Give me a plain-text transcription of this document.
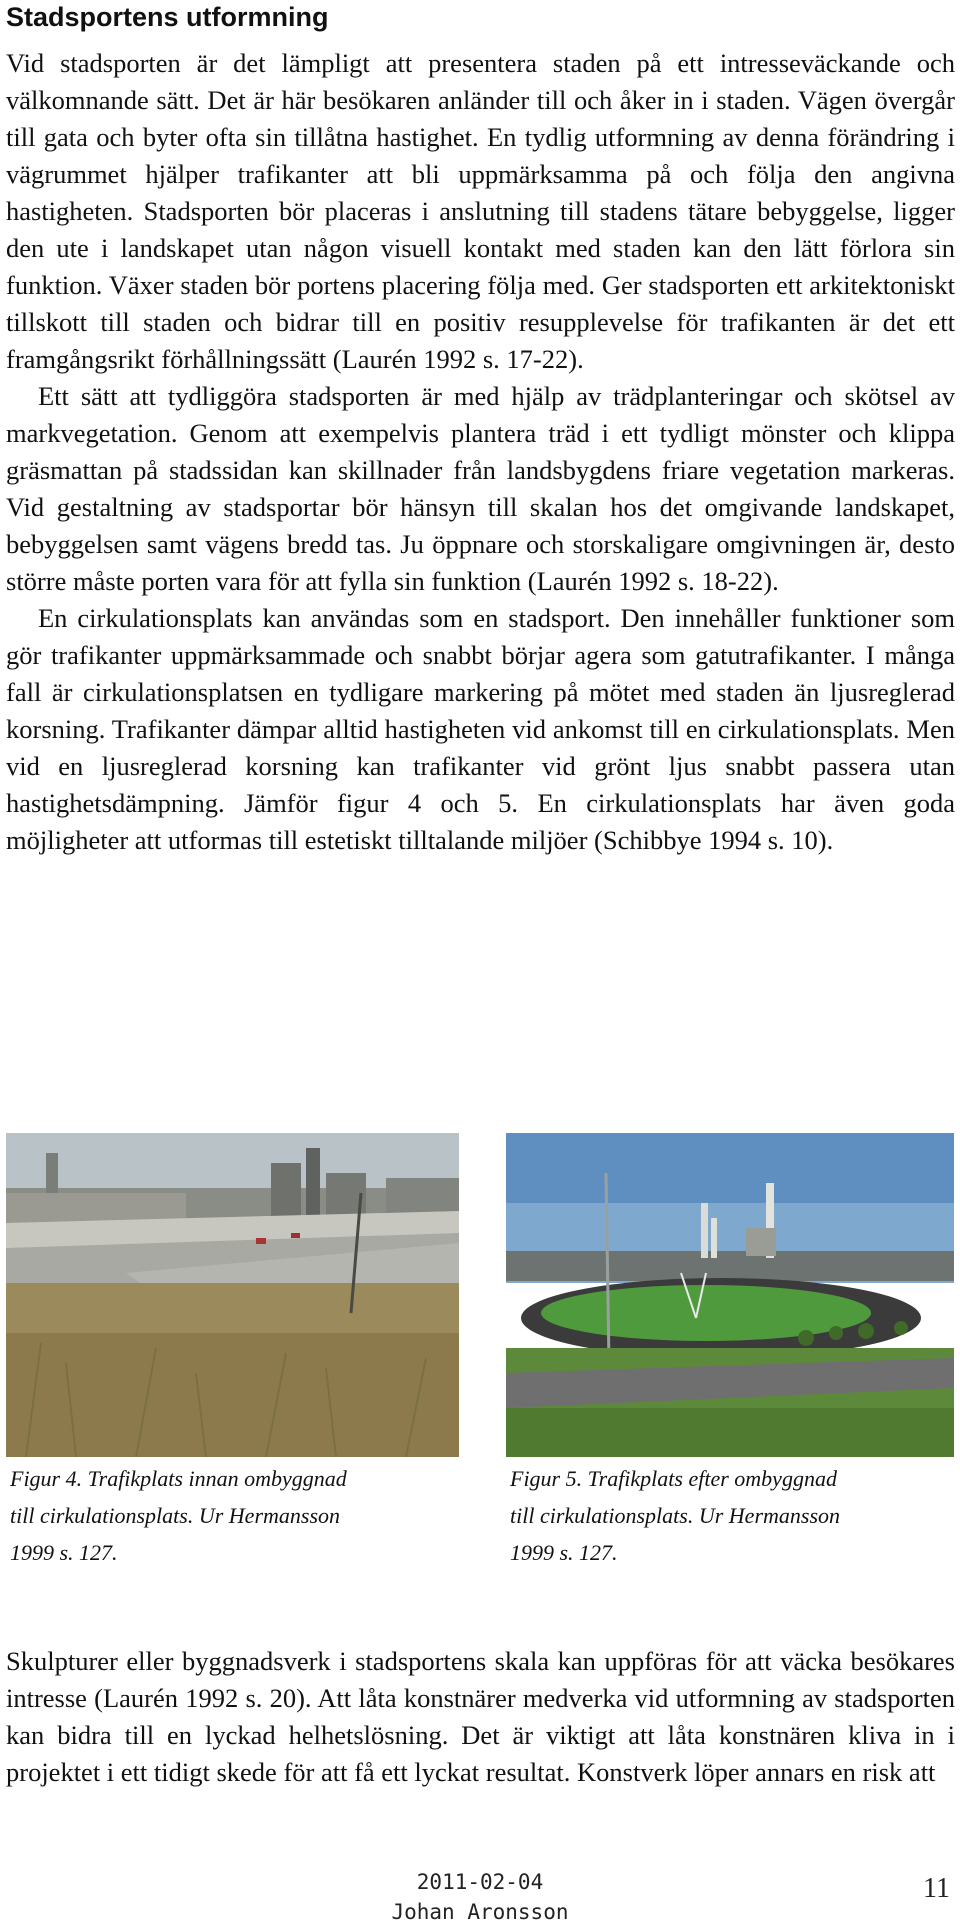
Stadsportens utformning

Vid stadsporten är det lämpligt att presentera staden på ett intresseväckande och välkomnande sätt. Det är här besökaren anländer till och åker in i staden. Vägen övergår till gata och byter ofta sin tillåtna hastighet. En tydlig utformning av denna förändring i vägrummet hjälper trafikanter att bli uppmärksamma på och följa den angivna hastigheten. Stadsporten bör placeras i anslutning till stadens tätare bebyggelse, ligger den ute i landskapet utan någon visuell kontakt med staden kan den lätt förlora sin funktion. Växer staden bör portens placering följa med. Ger stadsporten ett arkitektoniskt tillskott till staden och bidrar till en positiv resupplevelse för trafikanten är det ett framgångsrikt förhållningssätt (Laurén 1992 s. 17-22).

Ett sätt att tydliggöra stadsporten är med hjälp av trädplanteringar och skötsel av markvegetation. Genom att exempelvis plantera träd i ett tydligt mönster och klippa gräsmattan på stadssidan kan skillnader från landsbygdens friare vegetation markeras. Vid gestaltning av stadsportar bör hänsyn till skalan hos det omgivande landskapet, bebyggelsen samt vägens bredd tas. Ju öppnare och storskaligare omgivningen är, desto större måste porten vara för att fylla sin funktion (Laurén 1992 s. 18-22).

En cirkulationsplats kan användas som en stadsport. Den innehåller funktioner som gör trafikanter uppmärksammade och snabbt börjar agera som gatutrafikanter. I många fall är cirkulationsplatsen en tydligare markering på mötet med staden än ljusreglerad korsning. Trafikanter dämpar alltid hastigheten vid ankomst till en cirkulationsplats. Men vid en ljusreglerad korsning kan trafikanter vid grönt ljus snabbt passera utan hastighetsdämpning. Jämför figur 4 och 5. En cirkulationsplats har även goda möjligheter att utformas till estetiskt tilltalande miljöer (Schibbye 1994 s. 10).

Figur 4. Trafikplats innan ombyggnad
till cirkulationsplats. Ur Hermansson
1999 s. 127.
Figur 5. Trafikplats efter ombyggnad
till cirkulationsplats. Ur Hermansson
1999 s. 127.

Skulpturer eller byggnadsverk i stadsportens skala kan uppföras för att väcka besökares intresse (Laurén 1992 s. 20). Att låta konstnärer medverka vid utformning av stadsporten kan bidra till en lyckad helhetslösning. Det är viktigt att låta konstnären kliva in i projektet i ett tidigt skede för att få ett lyckat resultat. Konstverk löper annars en risk att

2011-02-04
Johan Aronsson
11
